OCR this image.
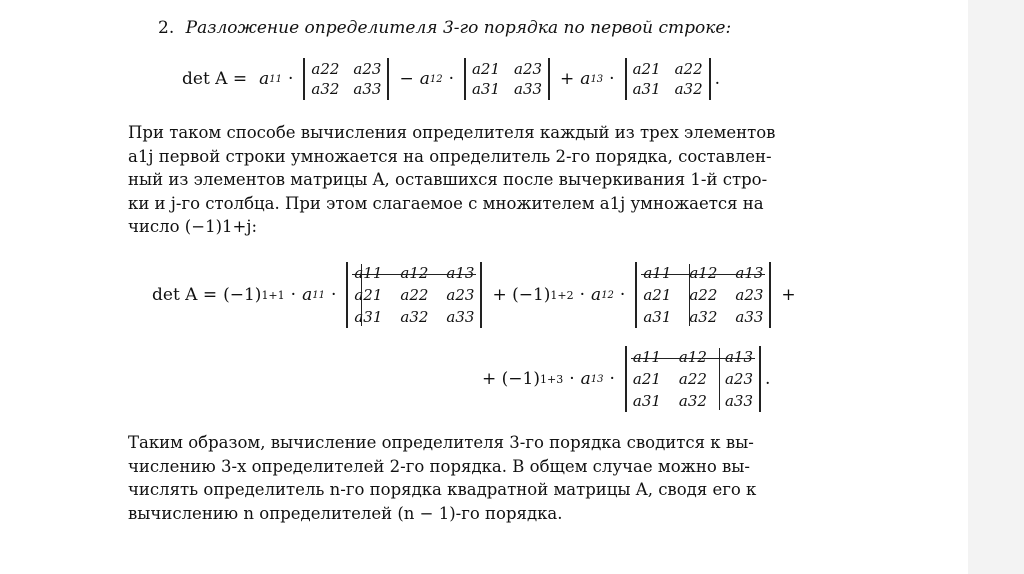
2. Разложение определителя 3-го порядка по первой строке:
det A = a 11 · a22 a23
a32 a33 − a 12 · a21 a23
a31 a33 + a 13 · a21 a22
a31 a32 .
При таком способе вычисления определителя каждый из трех элементов
a1j первой строки умножается на определитель 2-го порядка, составлен-
ный из элементов матрицы A, оставшихся после вычеркивания 1-й стро-
ки и j-го столбца. При этом слагаемое с множителем a1j умножается на
число (−1)1+j:
det A = (−1) 1+1 · a 11 ·
a11 a12 a13
a21 a22 a23
a31 a32 a33
+ (−1) 1+2 · a 12 ·
a11 a12 a13
a21 a22 a23
a31 a32 a33
+
+ (−1) 1+3 · a 13 ·
a11 a12 a13
a21 a22 a23
a31 a32 a33
.
Таким образом, вычисление определителя 3-го порядка сводится к вы-
числению 3-х определителей 2-го порядка. В общем случае можно вы-
числять определитель n-го порядка квадратной матрицы A, сводя его к
вычислению n определителей (n − 1)-го порядка.
